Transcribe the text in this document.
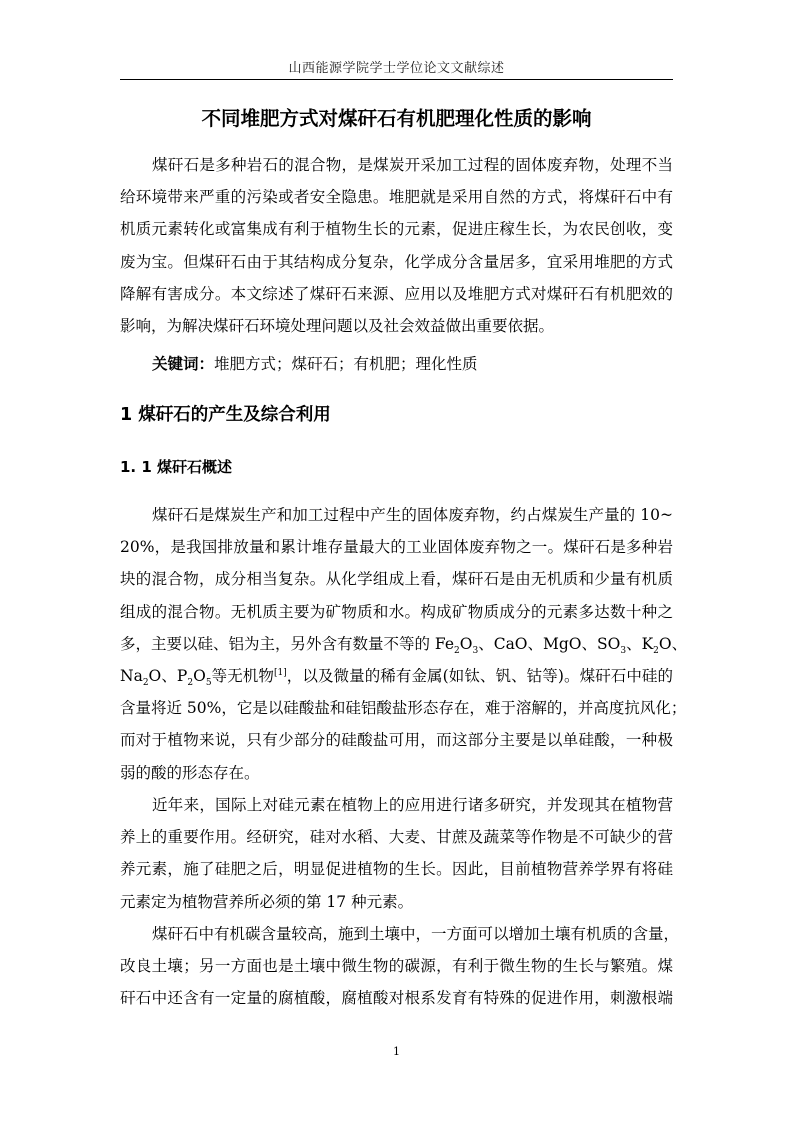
山西能源学院学士学位论文文献综述
不同堆肥方式对煤矸石有机肥理化性质的影响
煤矸石是多种岩石的混合物，是煤炭开采加工过程的固体废弃物，处理不当
给环境带来严重的污染或者安全隐患。堆肥就是采用自然的方式，将煤矸石中有
机质元素转化或富集成有利于植物生长的元素，促进庄稼生长，为农民创收，变
废为宝。但煤矸石由于其结构成分复杂，化学成分含量居多，宜采用堆肥的方式
降解有害成分。本文综述了煤矸石来源、应用以及堆肥方式对煤矸石有机肥效的
影响，为解决煤矸石环境处理问题以及社会效益做出重要依据。
关键词：堆肥方式；煤矸石；有机肥；理化性质
1 煤矸石的产生及综合利用
1. 1 煤矸石概述
煤矸石是煤炭生产和加工过程中产生的固体废弃物，约占煤炭生产量的 10~
20%，是我国排放量和累计堆存量最大的工业固体废弃物之一。煤矸石是多种岩
块的混合物，成分相当复杂。从化学组成上看，煤矸石是由无机质和少量有机质
组成的混合物。无机质主要为矿物质和水。构成矿物质成分的元素多达数十种之
多，主要以硅、铝为主，另外含有数量不等的 $Fe_2O_3$、CaO、MgO、$SO_3$、$K_2O$、
$Na_2O$、$P_2O_5$等无机物[1]，以及微量的稀有金属(如钛、钒、钴等)。煤矸石中硅的
含量将近 50%，它是以硅酸盐和硅铝酸盐形态存在，难于溶解的，并高度抗风化；
而对于植物来说，只有少部分的硅酸盐可用，而这部分主要是以单硅酸，一种极
弱的酸的形态存在。
近年来，国际上对硅元素在植物上的应用进行诸多研究，并发现其在植物营
养上的重要作用。经研究，硅对水稻、大麦、甘蔗及蔬菜等作物是不可缺少的营
养元素，施了硅肥之后，明显促进植物的生长。因此，目前植物营养学界有将硅
元素定为植物营养所必须的第 17 种元素。
煤矸石中有机碳含量较高，施到土壤中，一方面可以增加土壤有机质的含量，
改良土壤；另一方面也是土壤中微生物的碳源，有利于微生物的生长与繁殖。煤
矸石中还含有一定量的腐植酸，腐植酸对根系发育有特殊的促进作用，刺激根端
1
